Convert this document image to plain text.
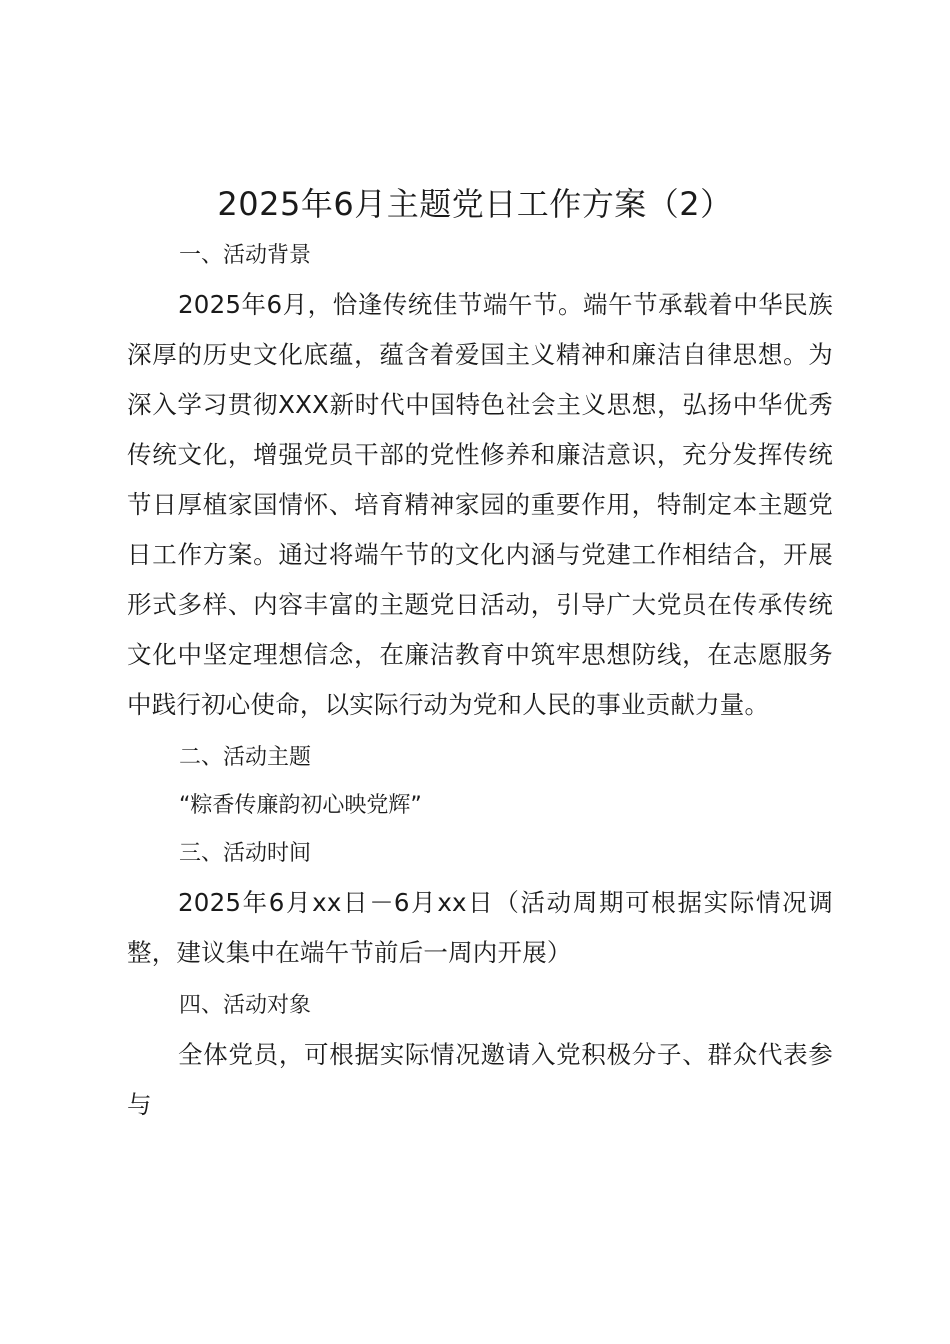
2025年6月主题党日工作方案（2）
一、活动背景

2025年6月，恰逢传统佳节端午节。端午节承载着中华民族深厚的历史文化底蕴，蕴含着爱国主义精神和廉洁自律思想。为深入学习贯彻XXX新时代中国特色社会主义思想，弘扬中华优秀传统文化，增强党员干部的党性修养和廉洁意识，充分发挥传统节日厚植家国情怀、培育精神家园的重要作用，特制定本主题党日工作方案。通过将端午节的文化内涵与党建工作相结合，开展形式多样、内容丰富的主题党日活动，引导广大党员在传承传统文化中坚定理想信念，在廉洁教育中筑牢思想防线，在志愿服务中践行初心使命，以实际行动为党和人民的事业贡献力量。

二、活动主题
“粽香传廉韵初心映党辉”
三、活动时间

2025年6月xx日－6月xx日（活动周期可根据实际情况调整，建议集中在端午节前后一周内开展）

四、活动对象

全体党员，可根据实际情况邀请入党积极分子、群众代表参与
